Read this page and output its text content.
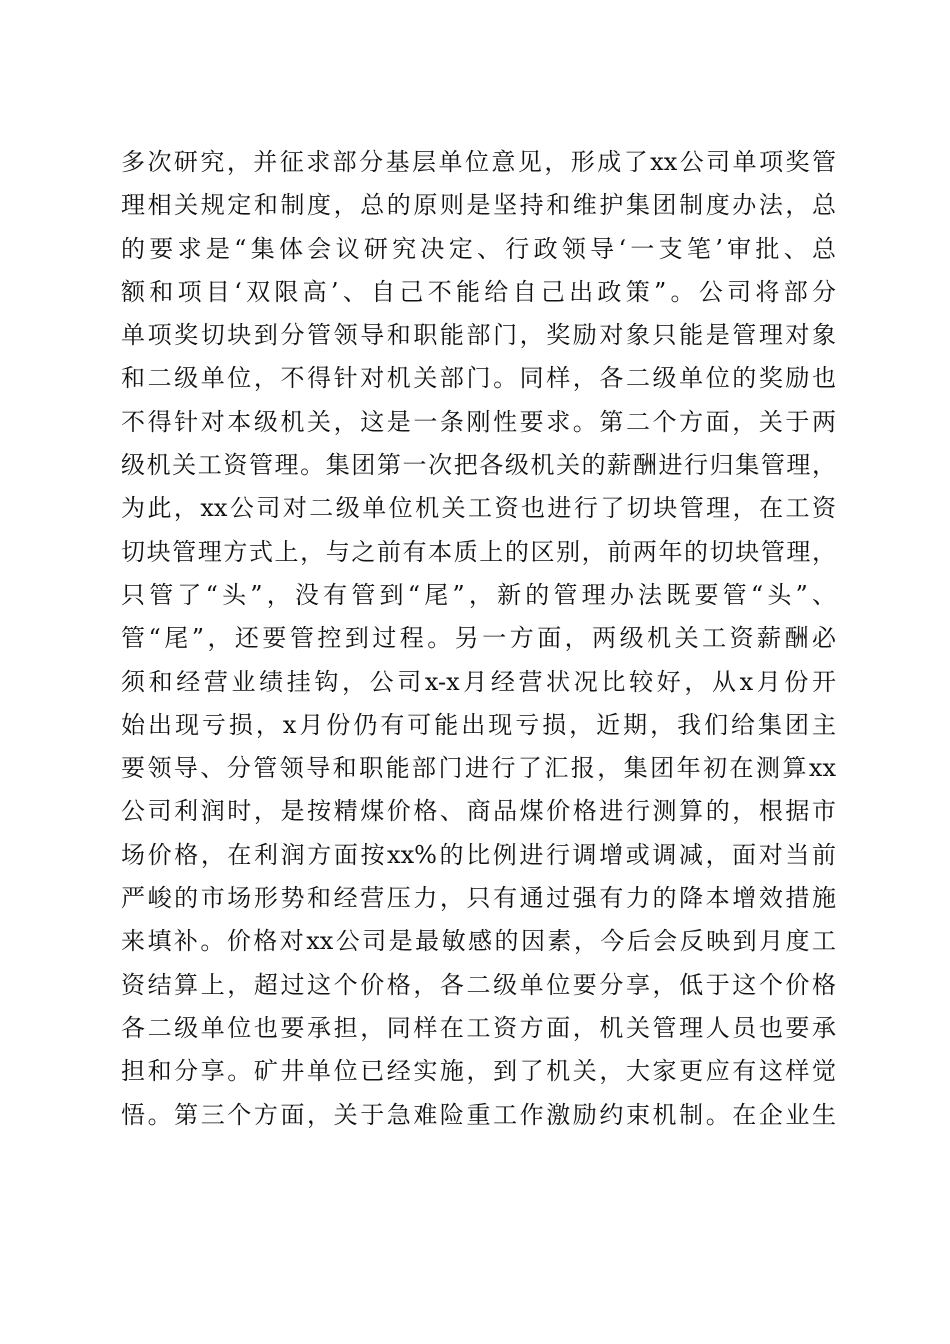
多次研究，并征求部分基层单位意见，形成了xx公司单项奖管
理相关规定和制度，总的原则是坚持和维护集团制度办法，总
的要求是“集体会议研究决定、行政领导‘一支笔’审批、总
额和项目‘双限高’、自己不能给自己出政策”。公司将部分
单项奖切块到分管领导和职能部门，奖励对象只能是管理对象
和二级单位，不得针对机关部门。同样，各二级单位的奖励也
不得针对本级机关，这是一条刚性要求。第二个方面，关于两
级机关工资管理。集团第一次把各级机关的薪酬进行归集管理，
为此，xx公司对二级单位机关工资也进行了切块管理，在工资
切块管理方式上，与之前有本质上的区别，前两年的切块管理，
只管了“头”，没有管到“尾”，新的管理办法既要管“头”、
管“尾”，还要管控到过程。另一方面，两级机关工资薪酬必
须和经营业绩挂钩，公司x-x月经营状况比较好，从x月份开
始出现亏损，x月份仍有可能出现亏损，近期，我们给集团主
要领导、分管领导和职能部门进行了汇报，集团年初在测算xx
公司利润时，是按精煤价格、商品煤价格进行测算的，根据市
场价格，在利润方面按xx%的比例进行调增或调减，面对当前
严峻的市场形势和经营压力，只有通过强有力的降本增效措施
来填补。价格对xx公司是最敏感的因素，今后会反映到月度工
资结算上，超过这个价格，各二级单位要分享，低于这个价格
各二级单位也要承担，同样在工资方面，机关管理人员也要承
担和分享。矿井单位已经实施，到了机关，大家更应有这样觉
悟。第三个方面，关于急难险重工作激励约束机制。在企业生
